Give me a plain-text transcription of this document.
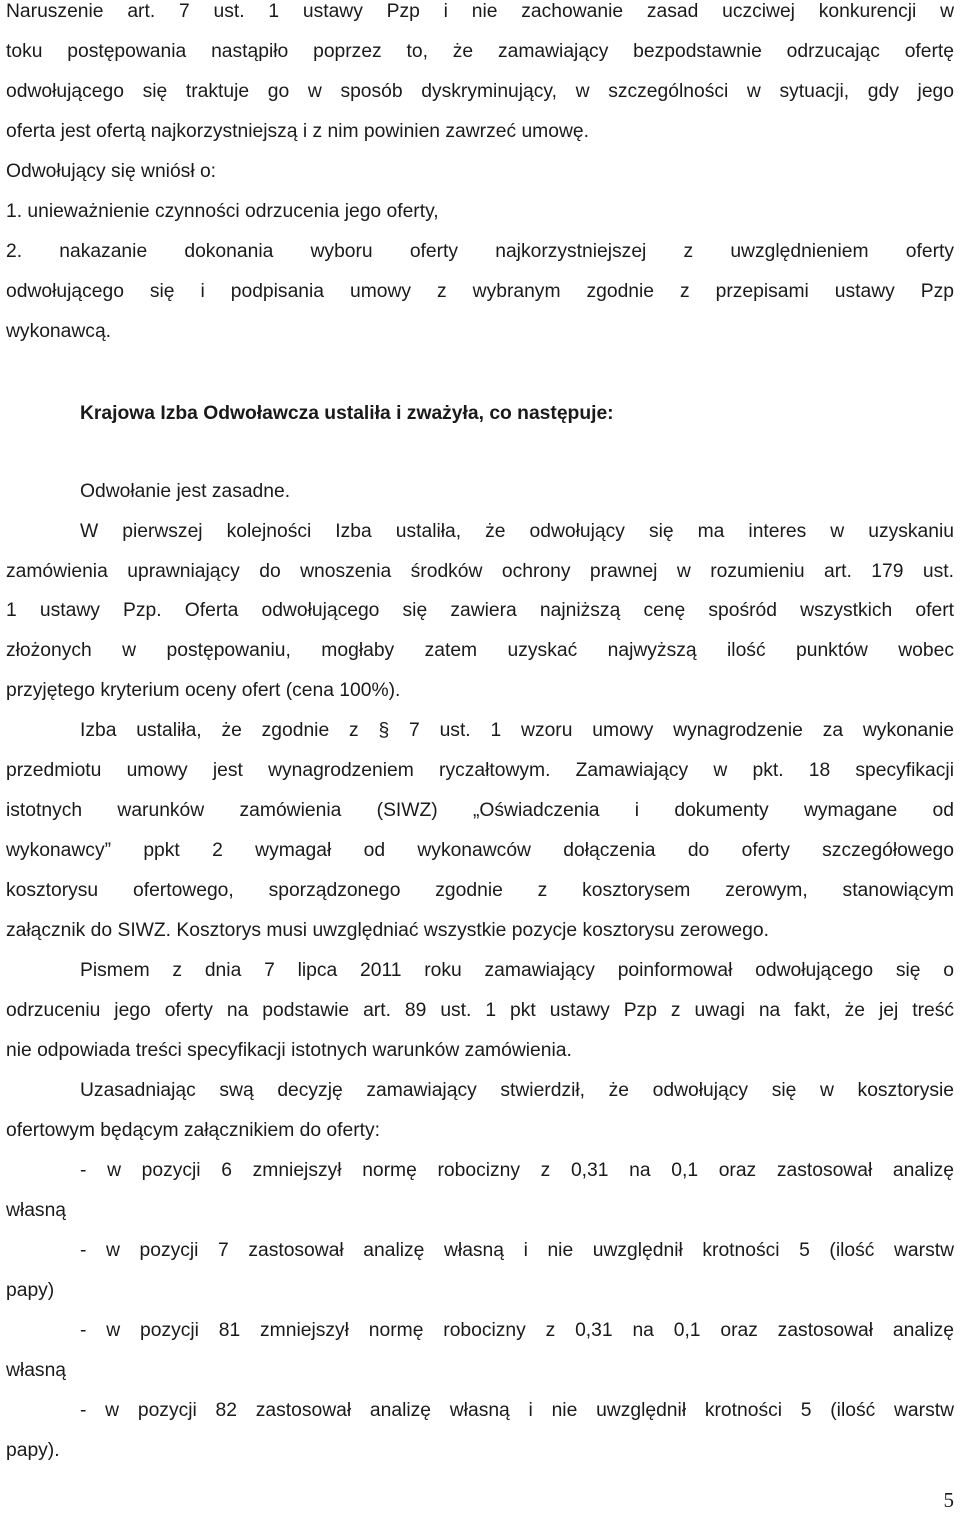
Naruszenie art. 7 ust. 1 ustawy Pzp i nie zachowanie zasad uczciwej konkurencji w
toku postępowania nastąpiło poprzez to, że zamawiający bezpodstawnie odrzucając ofertę
odwołującego się traktuje go w sposób dyskryminujący, w szczególności w sytuacji, gdy jego
oferta jest ofertą najkorzystniejszą i z nim powinien zawrzeć umowę.
Odwołujący się wniósł o:
1. unieważnienie czynności odrzucenia jego oferty,
2. nakazanie dokonania wyboru oferty najkorzystniejszej z uwzględnieniem oferty
odwołującego się i podpisania umowy z wybranym zgodnie z przepisami ustawy Pzp
wykonawcą.
Krajowa Izba Odwoławcza ustaliła i zważyła, co następuje:
Odwołanie jest zasadne.
W pierwszej kolejności Izba ustaliła, że odwołujący się ma interes w uzyskaniu
zamówienia uprawniający do wnoszenia środków ochrony prawnej w rozumieniu art. 179 ust.
1 ustawy Pzp. Oferta odwołującego się zawiera najniższą cenę spośród wszystkich ofert
złożonych w postępowaniu, mogłaby zatem uzyskać najwyższą ilość punktów wobec
przyjętego kryterium oceny ofert (cena 100%).
Izba ustaliła, że zgodnie z § 7 ust. 1 wzoru umowy wynagrodzenie za wykonanie
przedmiotu umowy jest wynagrodzeniem ryczałtowym. Zamawiający w pkt. 18 specyfikacji
istotnych warunków zamówienia (SIWZ) „Oświadczenia i dokumenty wymagane od
wykonawcy” ppkt 2 wymagał od wykonawców dołączenia do oferty szczegółowego
kosztorysu ofertowego, sporządzonego zgodnie z kosztorysem zerowym, stanowiącym
załącznik do SIWZ. Kosztorys musi uwzględniać wszystkie pozycje kosztorysu zerowego.
Pismem z dnia 7 lipca 2011 roku zamawiający poinformował odwołującego się o
odrzuceniu jego oferty na podstawie art. 89 ust. 1 pkt ustawy Pzp z uwagi na fakt, że jej treść
nie odpowiada treści specyfikacji istotnych warunków zamówienia.
Uzasadniając swą decyzję zamawiający stwierdził, że odwołujący się w kosztorysie
ofertowym będącym załącznikiem do oferty:
- w pozycji 6 zmniejszył normę robocizny z 0,31 na 0,1 oraz zastosował analizę
własną
- w pozycji 7 zastosował analizę własną i nie uwzględnił krotności 5 (ilość warstw
papy)
- w pozycji 81 zmniejszył normę robocizny z 0,31 na 0,1 oraz zastosował analizę
własną
- w pozycji 82 zastosował analizę własną i nie uwzględnił krotności 5 (ilość warstw
papy).
5
